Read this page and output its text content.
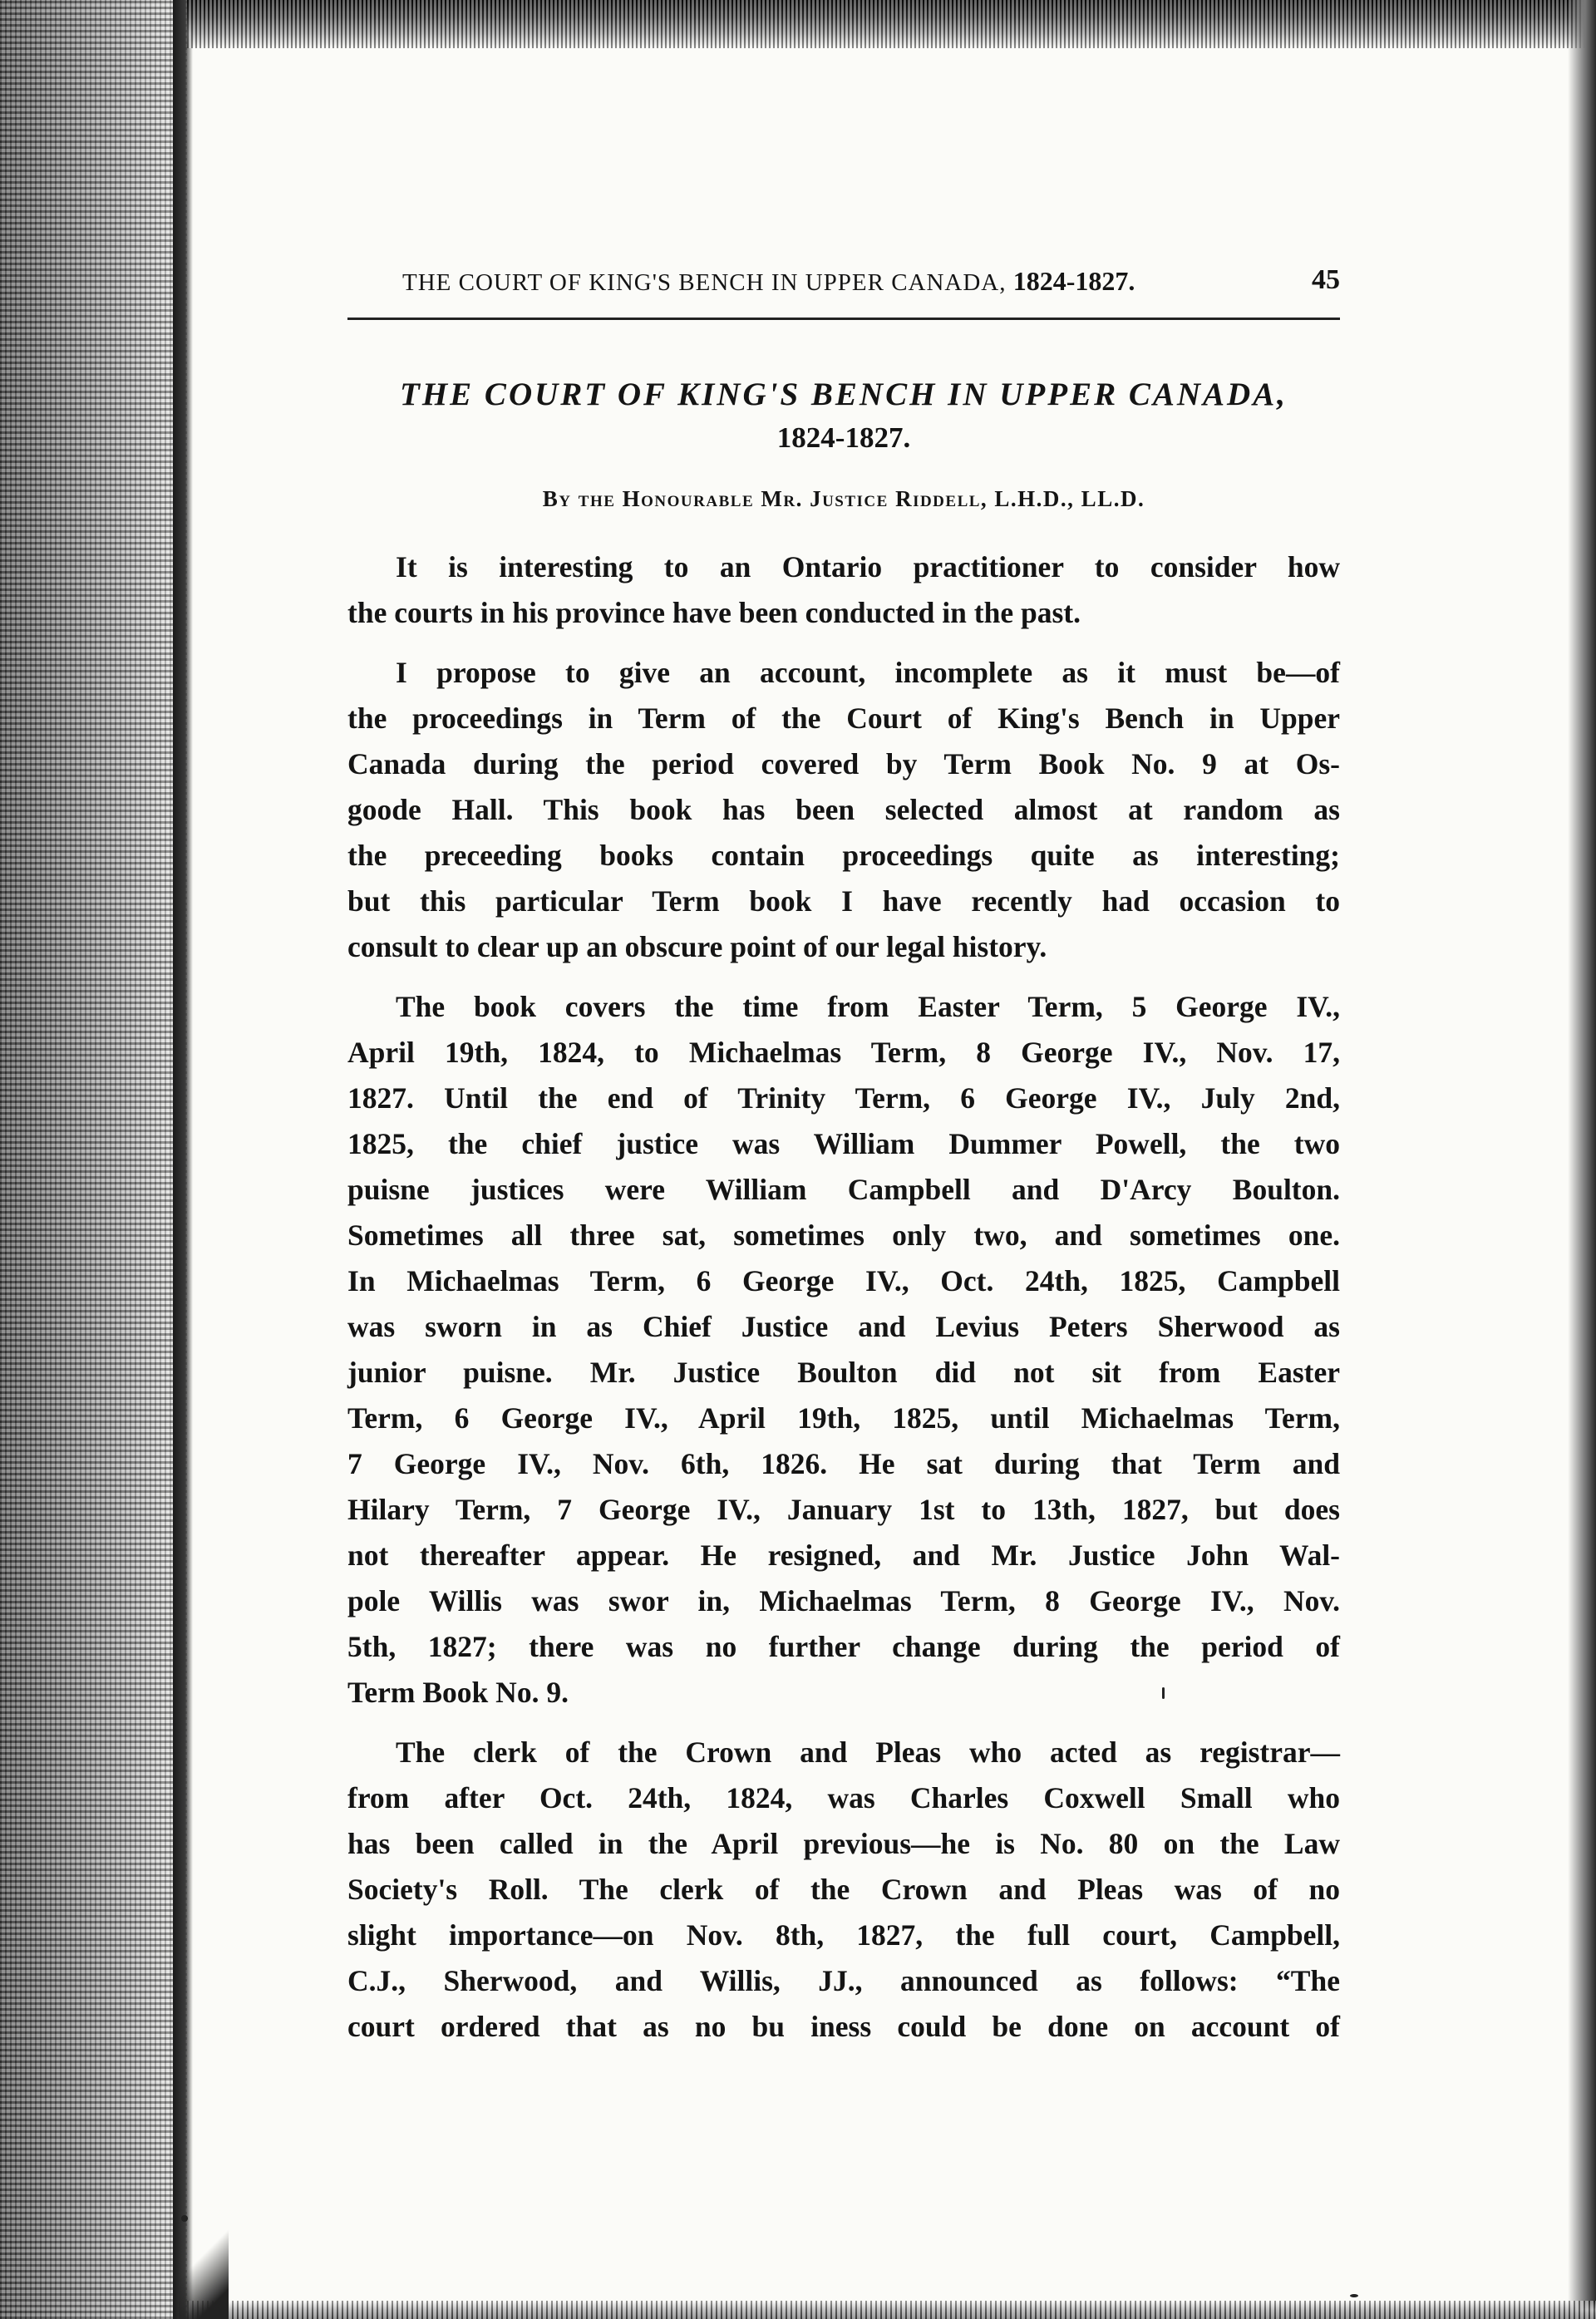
THE COURT OF KING'S BENCH IN UPPER CANADA, 1824-1827.	45
THE COURT OF KING'S BENCH IN UPPER CANADA,
1824-1827.
By the Honourable Mr. Justice Riddell, L.H.D., LL.D.

It is interesting to an Ontario practitioner to consider how
the courts in his province have been conducted in the past.

I propose to give an account, incomplete as it must be—of
the proceedings in Term of the Court of King's Bench in Upper
Canada during the period covered by Term Book No. 9 at Os-
goode Hall. This book has been selected almost at random as
the preceeding books contain proceedings quite as interesting;
but this particular Term book I have recently had occasion to
consult to clear up an obscure point of our legal history.

The book covers the time from Easter Term, 5 George IV.,
April 19th, 1824, to Michaelmas Term, 8 George IV., Nov. 17,
1827. Until the end of Trinity Term, 6 George IV., July 2nd,
1825, the chief justice was William Dummer Powell, the two
puisne justices were William Campbell and D'Arcy Boulton.
Sometimes all three sat, sometimes only two, and sometimes one.
In Michaelmas Term, 6 George IV., Oct. 24th, 1825, Campbell
was sworn in as Chief Justice and Levius Peters Sherwood as
junior puisne. Mr. Justice Boulton did not sit from Easter
Term, 6 George IV., April 19th, 1825, until Michaelmas Term,
7 George IV., Nov. 6th, 1826. He sat during that Term and
Hilary Term, 7 George IV., January 1st to 13th, 1827, but does
not thereafter appear. He resigned, and Mr. Justice John Wal-
pole Willis was swor in, Michaelmas Term, 8 George IV., Nov.
5th, 1827; there was no further change during the period of
Term Book No. 9.

The clerk of the Crown and Pleas who acted as registrar—
from after Oct. 24th, 1824, was Charles Coxwell Small who
has been called in the April previous—he is No. 80 on the Law
Society's Roll. The clerk of the Crown and Pleas was of no
slight importance—on Nov. 8th, 1827, the full court, Campbell,
C.J., Sherwood, and Willis, JJ., announced as follows: “The
court ordered that as no bu iness could be done on account of
